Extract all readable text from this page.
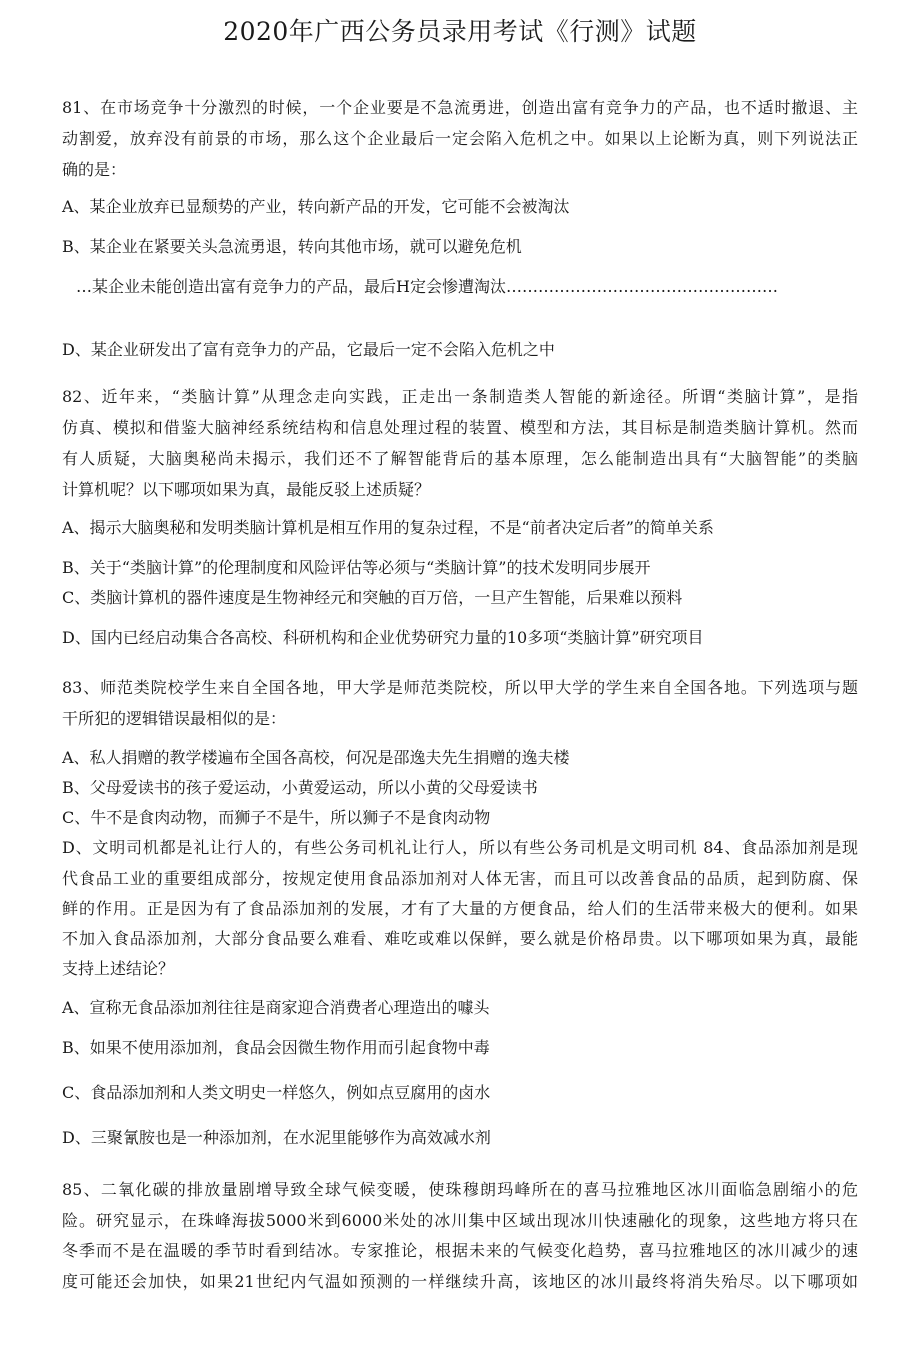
2020年广西公务员录用考试《行测》试题
81、在市场竞争十分激烈的时候，一个企业要是不急流勇进，创造出富有竞争力的产品，也不适时撤退、主
动割爱，放弃没有前景的市场，那么这个企业最后一定会陷入危机之中。如果以上论断为真，则下列说法正
确的是：
A、某企业放弃已显颓势的产业，转向新产品的开发，它可能不会被淘汰
B、某企业在紧要关头急流勇退，转向其他市场，就可以避免危机
…某企业未能创造出富有竞争力的产品，最后H定会惨遭淘汰……………………………………………
D、某企业研发出了富有竞争力的产品，它最后一定不会陷入危机之中
82、近年来，“类脑计算”从理念走向实践，正走出一条制造类人智能的新途径。所谓“类脑计算”，是指
仿真、模拟和借鉴大脑神经系统结构和信息处理过程的装置、模型和方法，其目标是制造类脑计算机。然而
有人质疑，大脑奥秘尚未揭示，我们还不了解智能背后的基本原理，怎么能制造出具有“大脑智能”的类脑
计算机呢？以下哪项如果为真，最能反驳上述质疑？
A、揭示大脑奥秘和发明类脑计算机是相互作用的复杂过程，不是“前者决定后者”的简单关系
B、关于“类脑计算”的伦理制度和风险评估等必须与“类脑计算”的技术发明同步展开
C、类脑计算机的器件速度是生物神经元和突触的百万倍，一旦产生智能，后果难以预料
D、国内已经启动集合各高校、科研机构和企业优势研究力量的10多项“类脑计算”研究项目
83、师范类院校学生来自全国各地，甲大学是师范类院校，所以甲大学的学生来自全国各地。下列选项与题
干所犯的逻辑错误最相似的是：
A、私人捐赠的教学楼遍布全国各高校，何况是邵逸夫先生捐赠的逸夫楼
B、父母爱读书的孩子爱运动，小黄爱运动，所以小黄的父母爱读书
C、牛不是食肉动物，而狮子不是牛，所以狮子不是食肉动物
D、文明司机都是礼让行人的，有些公务司机礼让行人，所以有些公务司机是文明司机 84、食品添加剂是现
代食品工业的重要组成部分，按规定使用食品添加剂对人体无害，而且可以改善食品的品质，起到防腐、保
鲜的作用。正是因为有了食品添加剂的发展，才有了大量的方便食品，给人们的生活带来极大的便利。如果
不加入食品添加剂，大部分食品要么难看、难吃或难以保鲜，要么就是价格昂贵。以下哪项如果为真，最能
支持上述结论？
A、宣称无食品添加剂往往是商家迎合消费者心理造出的噱头
B、如果不使用添加剂，食品会因微生物作用而引起食物中毒
C、食品添加剂和人类文明史一样悠久，例如点豆腐用的卤水
D、三聚氰胺也是一种添加剂，在水泥里能够作为高效减水剂
85、二氧化碳的排放量剧增导致全球气候变暖，使珠穆朗玛峰所在的喜马拉雅地区冰川面临急剧缩小的危
险。研究显示，在珠峰海拔5000米到6000米处的冰川集中区域出现冰川快速融化的现象，这些地方将只在
冬季而不是在温暖的季节时看到结冰。专家推论，根据未来的气候变化趋势，喜马拉雅地区的冰川减少的速
度可能还会加快，如果21世纪内气温如预测的一样继续升高，该地区的冰川最终将消失殆尽。以下哪项如
